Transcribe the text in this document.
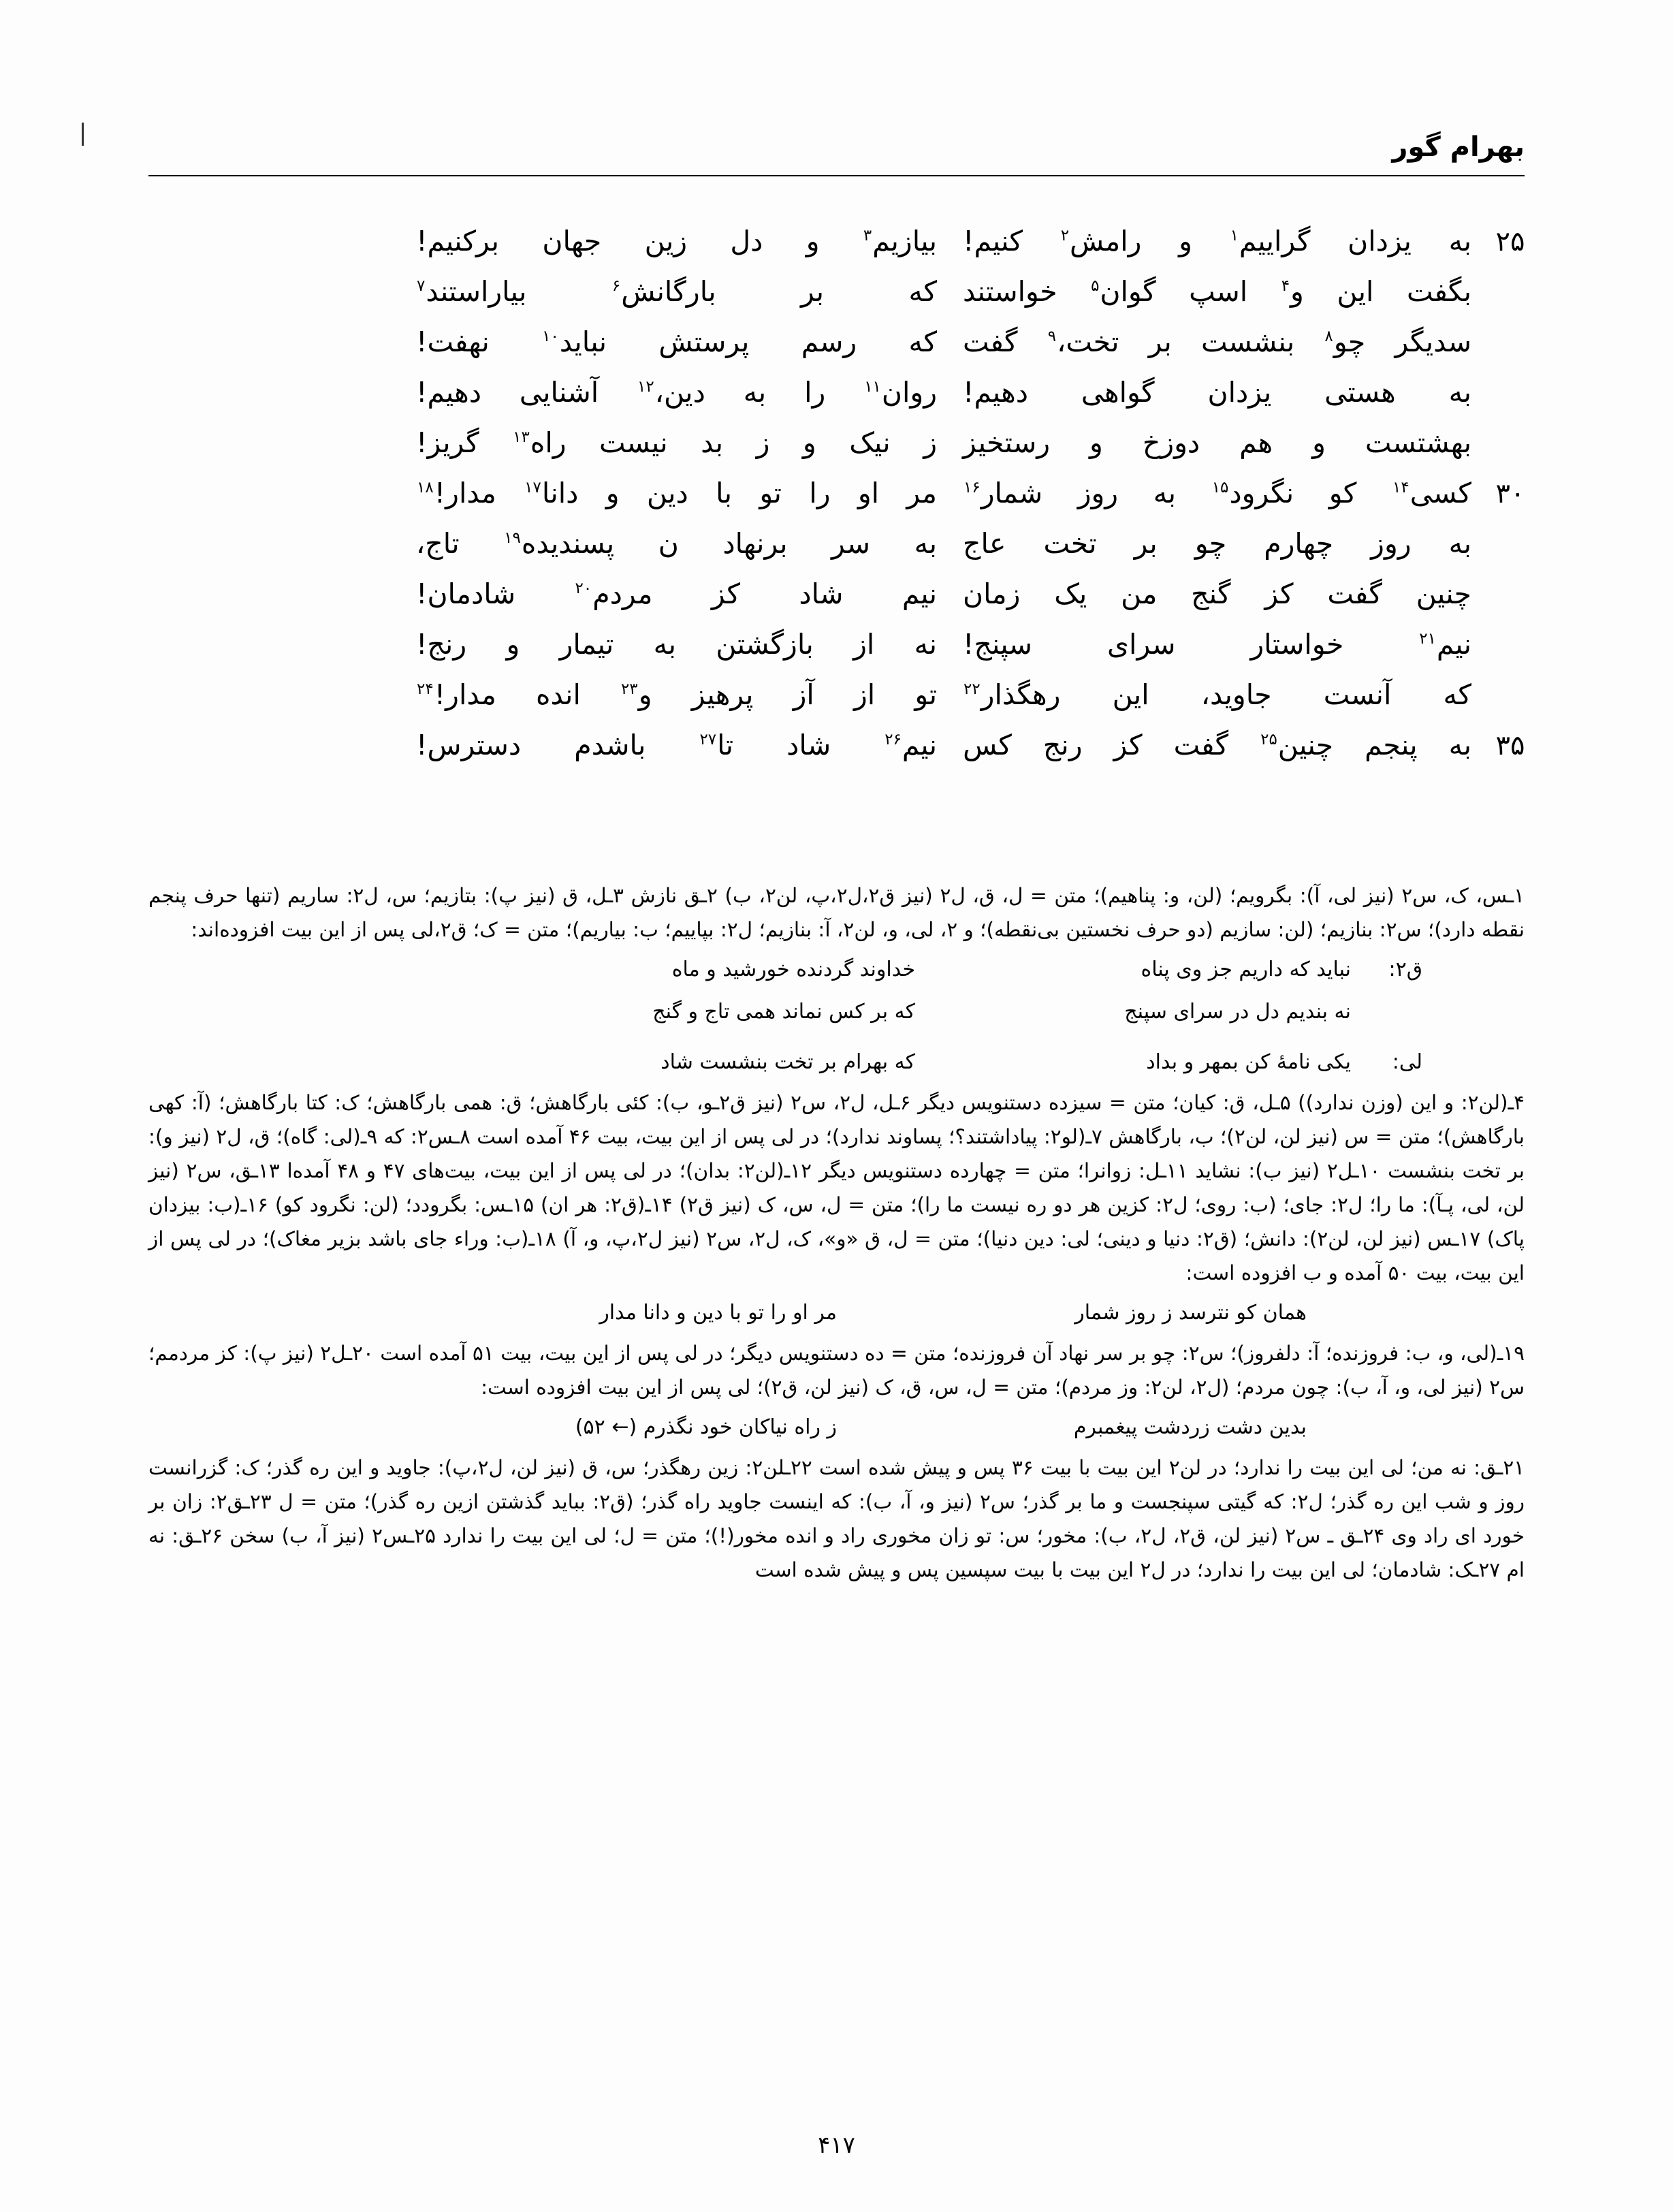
بهرام گور
۲۵
به
یزدان
گراییم$^۱$
و
رامش$^۲$
کنیم!
بیازیم$^۳$
و
دل
زین
جهان
برکنیم!
بگفت
این
و$^۴$
اسپ
گوان$^۵$
خواستند
که
بر
بارگانش$^۶$
بیاراستند$^۷$
سدیگر
چو$^۸$
بنشست
بر
تخت،$^۹$
گفت
که
رسم
پرستش
نباید$^{۱۰}$
نهفت!
به
هستی
یزدان
گواهی
دهیم!
روان$^{۱۱}$
را
به
دین،$^{۱۲}$
آشنایی
دهیم!
بهشتست
و
هم
دوزخ
و
رستخیز
ز
نیک
و
ز
بد
نیست
راه$^{۱۳}$
گریز!
۳۰
کسی$^{۱۴}$
کو
نگرود$^{۱۵}$
به
روز
شمار$^{۱۶}$
مر
او
را
تو
با
دین
و
دانا$^{۱۷}$
مدار!$^{۱۸}$
به
روز
چهارم
چو
بر
تخت
عاج
به
سر
برنهاد
ن
پسندیده$^{۱۹}$
تاج،
چنین
گفت
کز
گنج
من
یک
زمان
نیم
شاد
کز
مردم$^{۲۰}$
شادمان!
نیم$^{۲۱}$
خواستار
سرای
سپنج!
نه
از
بازگشتن
به
تیمار
و
رنج!
که
آنست
جاوید،
این
رهگذار$^{۲۲}$
تو
از
آز
پرهیز
و$^{۲۳}$
انده
مدار!$^{۲۴}$
۳۵
به
پنجم
چنین$^{۲۵}$
گفت
کز
رنج
کس
نیم$^{۲۶}$
شاد
تا$^{۲۷}$
باشدم
دسترس!

۱ـس، ک، س۲ (نیز لی، آ): بگرویم؛ (لن، و: پناهیم)؛ متن = ل، ق، ل۲ (نیز ق۲،ل۲،پ، لن۲، ب) ۲ـق نازش ۳ـل، ق (نیز پ): بتازیم؛ س، ل۲: ساریم (تنها حرف پنجم نقطه دارد)؛ س۲: بنازیم؛ (لن: سازیم (دو حرف نخستین بی‌نقطه)؛ و ۲، لی، و، لن۲، آ: بنازیم؛ ل۲: بپاییم؛ ب: بیاریم)؛ متن = ک؛ ق۲،لی پس از این بیت افزوده‌اند:

ق۲:
نباید که داریم جز وی پناه
خداوند گردنده خورشید و ماه
نه بندیم دل در سرای سپنج
که بر کس نماند همی تاج و گنج
لی:
یکی نامهٔ کن بمهر و بداد
که بهرام بر تخت بنشست شاد

۴ـ(لن۲: و این (وزن ندارد)) ۵ـل، ق: کیان؛ متن = سیزده دستنویس دیگر ۶ـل، ل۲، س۲ (نیز ق۲ـو، ب): کئی بارگاهش؛ ق: همی بارگاهش؛ ک: کتا بارگاهش؛ (آ: کهی بارگاهش)؛ متن = س (نیز لن، لن۲)؛ ب، بارگاهش ۷ـ(لو۲: پیاداشتند؟؛ پساوند ندارد)؛ در لی پس از این بیت، بیت ۴۶ آمده است ۸ـس۲: که ۹ـ(لی: گاه)؛ ق، ل۲ (نیز و): بر تخت بنشست ۱۰ـل۲ (نیز ب): نشاید ۱۱ـل: زوانرا؛ متن = چهارده دستنویس دیگر ۱۲ـ(لن۲: بدان)؛ در لی پس از این بیت، بیت‌های ۴۷ و ۴۸ آمده‌ا ۱۳ـق، س۲ (نیز لن، لی، پـآ): ما را؛ ل۲: جای؛ (ب: روی؛ ل۲: کزین هر دو ره نیست ما را)؛ متن = ل، س، ک (نیز ق۲) ۱۴ـ(ق۲: هر ان) ۱۵ـس: بگرودد؛ (لن: نگرود کو) ۱۶ـ(ب: بیزدان پاک) ۱۷ـس (نیز لن، لن۲): دانش؛ (ق۲: دنیا و دینی؛ لی: دین دنیا)؛ متن = ل، ق «و»، ک، ل۲، س۲ (نیز ل۲،پ، و، آ) ۱۸ـ(ب: وراء جای باشد بزیر مغاک)؛ در لی پس از این بیت، بیت ۵۰ آمده و ب افزوده است:

همان کو نترسد ز روز شمار
مر او را تو با دین و دانا مدار

۱۹ـ(لی، و، ب: فروزنده؛ آ: دلفروز)؛ س۲: چو بر سر نهاد آن فروزنده؛ متن = ده دستنویس دیگر؛ در لی پس از این بیت، بیت ۵۱ آمده است ۲۰ـل۲ (نیز پ): کز مردمم؛ س۲ (نیز لی، و، آ، ب): چون مردم؛ (ل۲، لن۲: وز مردم)؛ متن = ل، س، ق، ک (نیز لن، ق۲)؛ لی پس از این بیت افزوده است:

بدین دشت زردشت پیغمبرم
ز راه نیاکان خود نگذرم (← ۵۲)

۲۱ـق: نه من؛ لی این بیت را ندارد؛ در لن۲ این بیت با بیت ۳۶ پس و پیش شده است ۲۲ـلن۲: زین رهگذر؛ س، ق (نیز لن، ل۲،پ): جاوید و این ره گذر؛ ک: گزرانست روز و شب این ره گذر؛ ل۲: که گیتی سپنجست و ما بر گذر؛ س۲ (نیز و، آ، ب): که اینست جاوید راه گذر؛ (ق۲: بباید گذشتن ازین ره گذر)؛ متن = ل ۲۳ـق۲: زان بر خورد ای راد وی ۲۴ـق ـ س۲ (نیز لن، ق۲، ل۲، ب): مخور؛ س: تو زان مخوری راد و انده مخور(!)؛ متن = ل؛ لی این بیت را ندارد ۲۵ـس۲ (نیز آ، ب) سخن ۲۶ـق: نه ام ۲۷ـک: شادمان؛ لی این بیت را ندارد؛ در ل۲ این بیت با بیت سپسین پس و پیش شده است

۴۱۷
